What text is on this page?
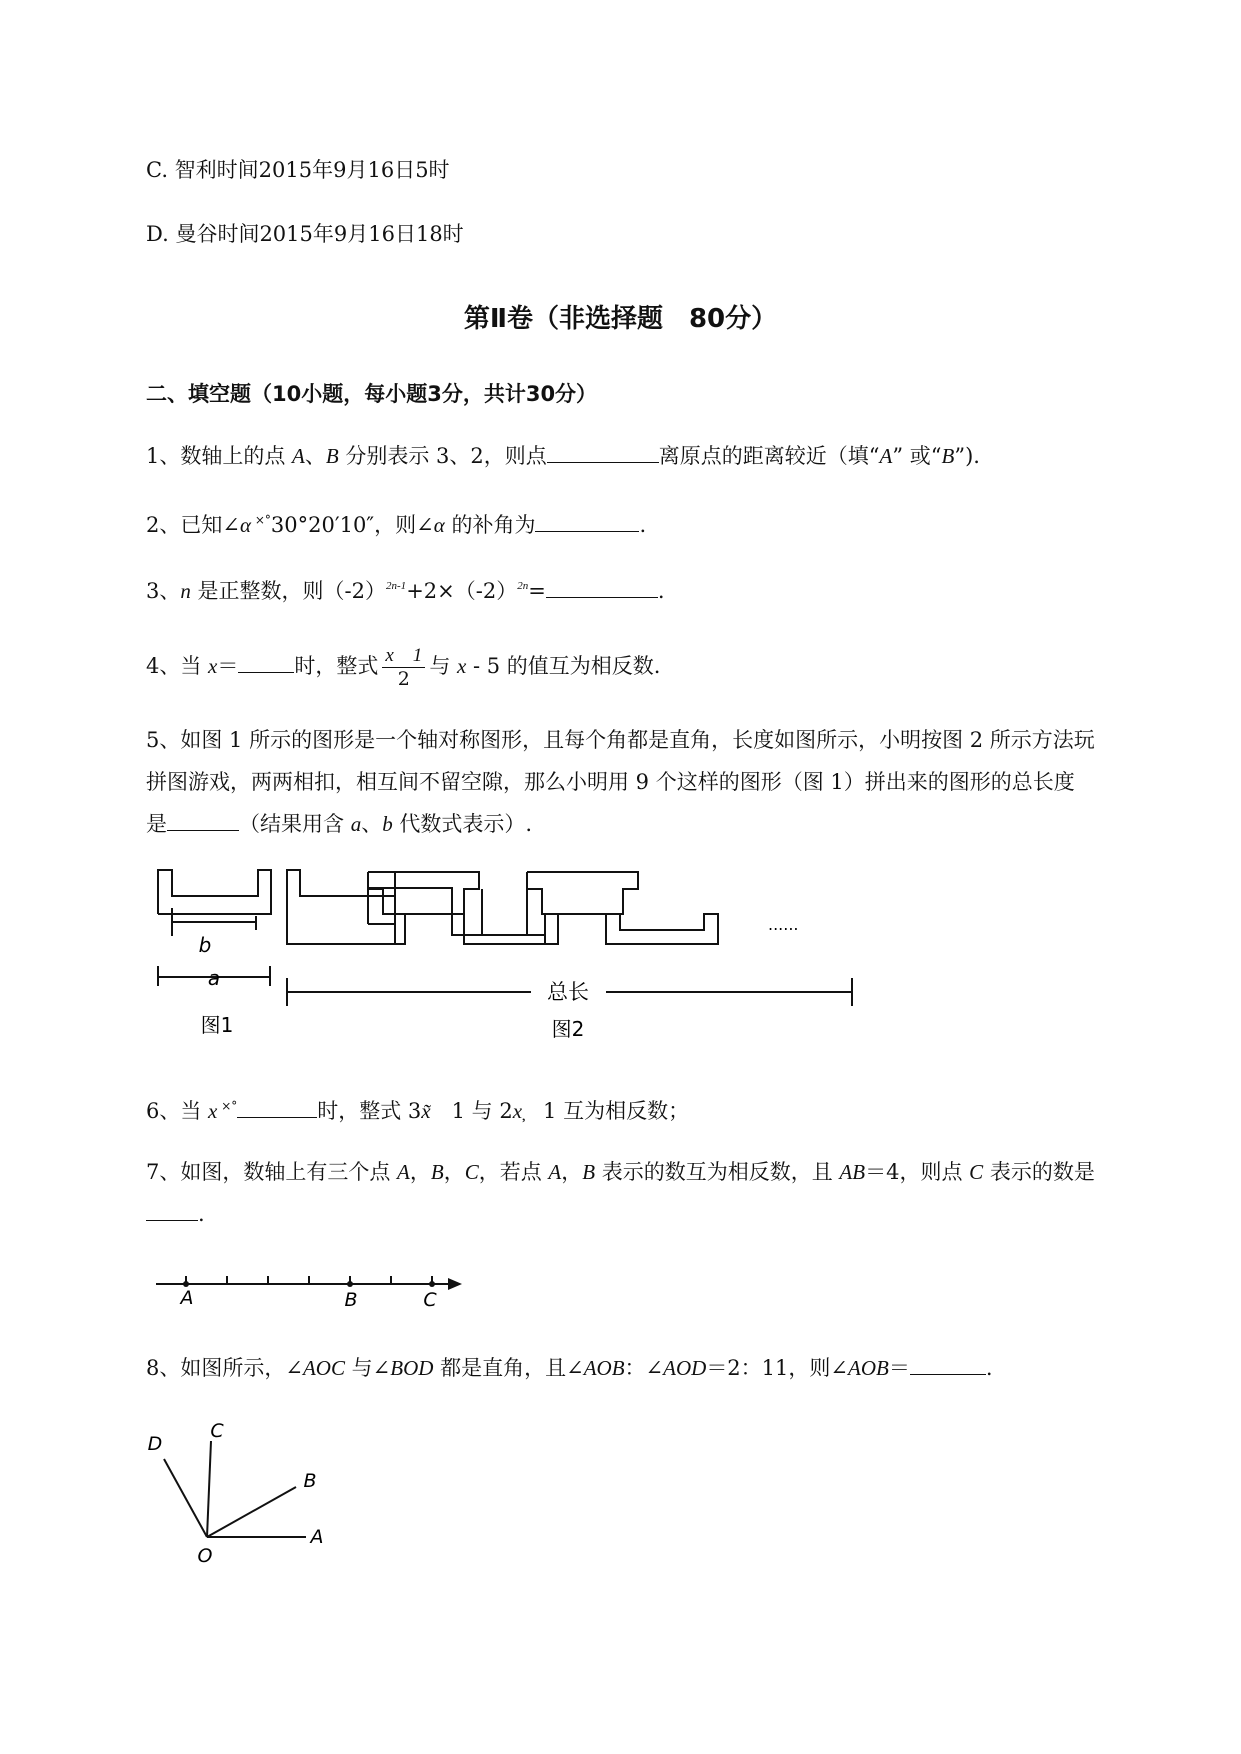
C. 智利时间2015年9月16日5时
D. 曼谷时间2015年9月16日18时
第Ⅱ卷（非选择题　80分）
二、填空题（10小题，每小题3分，共计30分）
1、数轴上的点 A、B 分别表示 3、2，则点	离原点的距离较近（填“A” 或“B”).
2、已知∠α ×°30°20′10″，则∠α 的补角为	.
3、n 是正整数，则$(-2)^{2n-1}+2\times(-2)^{2n}=$	.
4、当 x＝	时，整式 $\frac{x 1}{2}$ 与 x - 5 的值互为相反数.
5、如图 1 所示的图形是一个轴对称图形，且每个角都是直角，长度如图所示，小明按图 2 所示方法玩
拼图游戏，两两相扣，相互间不留空隙，那么小明用 9 个这样的图形（图 1）拼出来的图形的总长度
是	（结果用含 a、b 代数式表示）.
b
a
图1
总长
图2
......
6、当 x ×°	时，整式 3x̃　1 与 2x̦　1 互为相反数；
7、如图，数轴上有三个点 A，B，C，若点 A，B 表示的数互为相反数，且 AB＝4，则点 C 表示的数是
.
A	B	C
8、如图所示，∠AOC 与∠BOD 都是直角，且∠AOB：∠AOD＝2：11，则∠AOB＝	.
D
C
B
A
O
